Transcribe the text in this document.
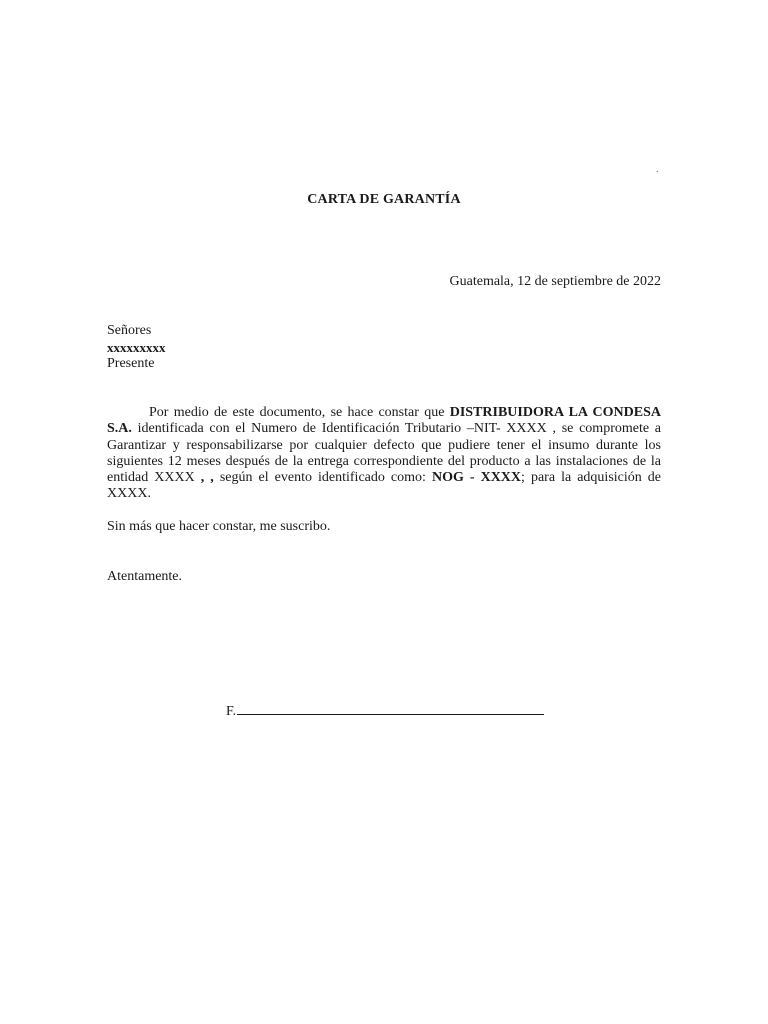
.
CARTA DE GARANTÍA
Guatemala, 12 de septiembre de 2022
Señores
xxxxxxxxx
Presente
Por medio de este documento, se hace constar que DISTRIBUIDORA LA CONDESA S.A. identificada con el Numero de Identificación Tributario –NIT- XXXX , se compromete a Garantizar y responsabilizarse por cualquier defecto que pudiere tener el insumo durante los siguientes 12 meses después de la entrega correspondiente del producto a las instalaciones de la entidad XXXX , , según el evento identificado como: NOG - XXXX; para la adquisición de XXXX.
Sin más que hacer constar, me suscribo.
Atentamente.
F.
